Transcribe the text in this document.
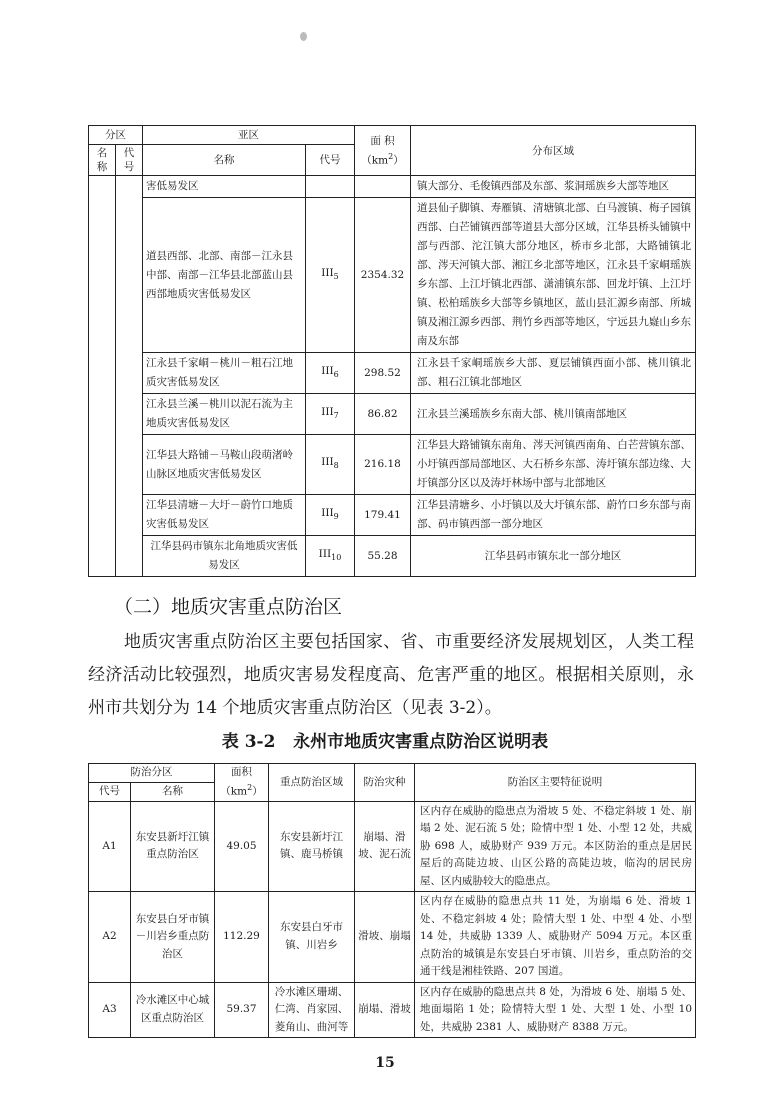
分区		亚区		面 积
$(km^2)$	分布区域
名称	代号	名称	代号		
		害低易发区			镇大部分、毛俊镇西部及东部、浆洞瑶族乡大部等地区
		道县西部、北部、南部－江永县中部、南部－江华县北部蓝山县西部地质灾害低易发区	$III_5$	2354.32	道县仙子脚镇、寿雁镇、清塘镇北部、白马渡镇、梅子园镇西部、白芒铺镇西部等道县大部分区域，江华县桥头铺镇中部与西部、沱江镇大部分地区，桥市乡北部，大路铺镇北部、涔天河镇大部、湘江乡北部等地区，江永县千家峒瑶族乡东部、上江圩镇北西部、潇浦镇东部、回龙圩镇、上江圩镇、松柏瑶族乡大部等乡镇地区，蓝山县汇源乡南部、所城镇及湘江源乡西部、荆竹乡西部等地区，宁远县九嶷山乡东南及东部
		江永县千家峒－桃川－粗石江地质灾害低易发区	$III_6$	298.52	江永县千家峒瑶族乡大部、夏层铺镇西面小部、桃川镇北部、粗石江镇北部地区
		江永县兰溪－桃川以泥石流为主地质灾害低易发区	$III_7$	86.82	江永县兰溪瑶族乡东南大部、桃川镇南部地区
		江华县大路铺－马鞍山段萌渚岭山脉区地质灾害低易发区	$III_8$	216.18	江华县大路铺镇东南角、涔天河镇西南角、白芒营镇东部、小圩镇西部局部地区、大石桥乡东部、涛圩镇东部边缘、大圩镇部分区以及涛圩林场中部与北部地区
		江华县清塘－大圩－蔚竹口地质灾害低易发区	$III_9$	179.41	江华县清塘乡、小圩镇以及大圩镇东部、蔚竹口乡东部与南部、码市镇西部一部分地区
		江华县码市镇东北角地质灾害低易发区	$III_{10}$	55.28	江华县码市镇东北一部分地区
（二）地质灾害重点防治区

地质灾害重点防治区主要包括国家、省、市重要经济发展规划区，人类工程经济活动比较强烈，地质灾害易发程度高、危害严重的地区。根据相关原则，永州市共划分为 14 个地质灾害重点防治区（见表 3-2）。

表 3-2   永州市地质灾害重点防治区说明表
防治分区		面积
$(km^2)$	重点防治区域	防治灾种	防治区主要特征说明
代号	名称				
A1	东安县新圩江镇重点防治区	49.05	东安县新圩江镇、鹿马桥镇	崩塌、滑坡、泥石流	区内存在威胁的隐患点为滑坡 5 处、不稳定斜坡 1 处、崩塌 2 处、泥石流 5 处；险情中型 1 处、小型 12 处，共威胁 698 人，威胁财产 939 万元。本区防治的重点是居民屋后的高陡边坡、山区公路的高陡边坡，临沟的居民房屋、区内威胁较大的隐患点。
A2	东安县白牙市镇－川岩乡重点防治区	112.29	东安县白牙市镇、川岩乡	滑坡、崩塌	区内存在威胁的隐患点共 11 处，为崩塌 6 处、滑坡 1 处、不稳定斜坡 4 处；险情大型 1 处、中型 4 处、小型 14 处，共威胁 1339 人、威胁财产 5094 万元。本区重点防治的城镇是东安县白牙市镇、川岩乡，重点防治的交通干线是湘桂铁路、207 国道。
A3	冷水滩区中心城区重点防治区	59.37	冷水滩区珊瑚、仁湾、肖家园、菱角山、曲河等	崩塌、滑坡	区内存在威胁的隐患点共 8 处，为滑坡 6 处、崩塌 5 处、地面塌陷 1 处；险情特大型 1 处、大型 1 处、小型 10 处，共威胁 2381 人、威胁财产 8388 万元。
15
